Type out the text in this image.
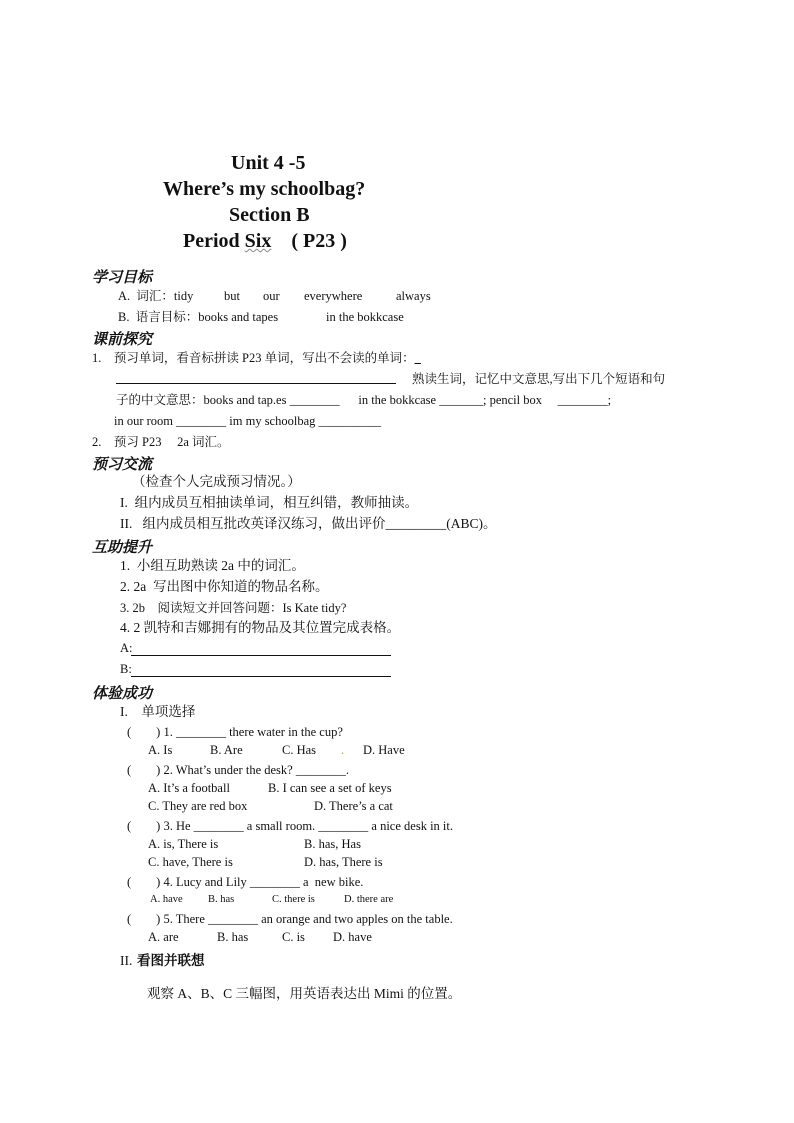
Unit 4 -5
Where’s my schoolbag?
Section B
Period Six    ( P23 )
学习目标
A.  词汇：tidy but our everywhere	always
B.  语言目标：books and tapes	in the bokkcase
课前探究
1.    预习单词，看音标拼读 P23 单词，写出不会读的单词：_
熟读生词，记忆中文意思,写出下几个短语和句
子的中文意思：books and tap.es ________      in the bokkcase _______; pencil box     ________;
in our room ________ im my schoolbag __________
2.    预习 P23     2a 词汇。
预习交流
（检查个人完成预习情况。）
I.  组内成员互相抽读单词，相互纠错，教师抽读。
II.   组内成员相互批改英译汉练习，做出评价_________(ABC)。
互助提升
1.  小组互助熟读 2a 中的词汇。
2. 2a  写出图中你知道的物品名称。
3. 2b    阅读短文并回答问题：Is Kate tidy?
4. 2 凯特和吉娜拥有的物品及其位置完成表格。
A:
B:
体验成功
I.    单项选择
(        ) 1. ________ there water in the cup?
A. Is	B. Are	C. Has . D. Have
(        ) 2. What’s under the desk? ________.
A. It’s a football	B. I can see a set of keys
C. They are red box	D. There’s a cat
(        ) 3. He ________ a small room. ________ a nice desk in it.
A. is, There is	B. has, Has
C. have, There is	D. has, There is
(        ) 4. Lucy and Lily ________ a  new bike.
A. have B. has	C. there is	D. there are
(        ) 5. There ________ an orange and two apples on the table.
A. are	B. has	C. is D. have
II. 看图并联想
观察 A、B、C 三幅图，用英语表达出 Mimi 的位置。
